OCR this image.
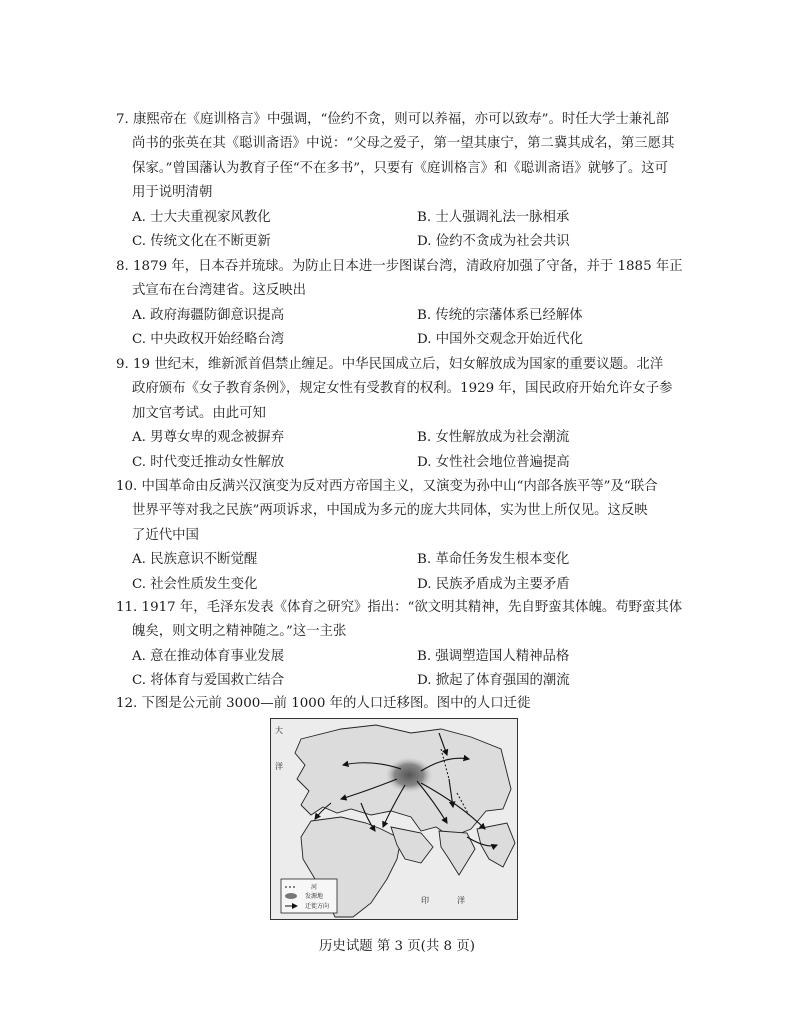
7. 康熙帝在《庭训格言》中强调，“俭约不贪，则可以养福，亦可以致寿”。时任大学士兼礼部
尚书的张英在其《聪训斋语》中说：“父母之爱子，第一望其康宁，第二冀其成名，第三愿其
保家。”曾国藩认为教育子侄“不在多书”，只要有《庭训格言》和《聪训斋语》就够了。这可
用于说明清朝
A. 士大夫重视家风教化	B. 士人强调礼法一脉相承
C. 传统文化在不断更新	D. 俭约不贪成为社会共识
8. 1879 年，日本吞并琉球。为防止日本进一步图谋台湾，清政府加强了守备，并于 1885 年正
式宣布在台湾建省。这反映出
A. 政府海疆防御意识提高	B. 传统的宗藩体系已经解体
C. 中央政权开始经略台湾	D. 中国外交观念开始近代化
9. 19 世纪末，维新派首倡禁止缠足。中华民国成立后，妇女解放成为国家的重要议题。北洋
政府颁布《女子教育条例》，规定女性有受教育的权利。1929 年，国民政府开始允许女子参
加文官考试。由此可知
A. 男尊女卑的观念被摒弃	B. 女性解放成为社会潮流
C. 时代变迁推动女性解放	D. 女性社会地位普遍提高
10. 中国革命由反满兴汉演变为反对西方帝国主义，又演变为孙中山“内部各族平等”及“联合
世界平等对我之民族”两项诉求，中国成为多元的庞大共同体，实为世上所仅见。这反映
了近代中国
A. 民族意识不断觉醒	B. 革命任务发生根本变化
C. 社会性质发生变化	D. 民族矛盾成为主要矛盾
11. 1917 年，毛泽东发表《体育之研究》指出：“欲文明其精神，先自野蛮其体魄。苟野蛮其体
魄矣，则文明之精神随之。”这一主张
A. 意在推动体育事业发展	B. 强调塑造国人精神品格
C. 将体育与爱国救亡结合	D. 掀起了体育强国的潮流
12. 下图是公元前 3000—前 1000 年的人口迁移图。图中的人口迁徙
大
洋
印	洋
河
发源地
迁徙方向
历史试题 第 3 页(共 8 页)
